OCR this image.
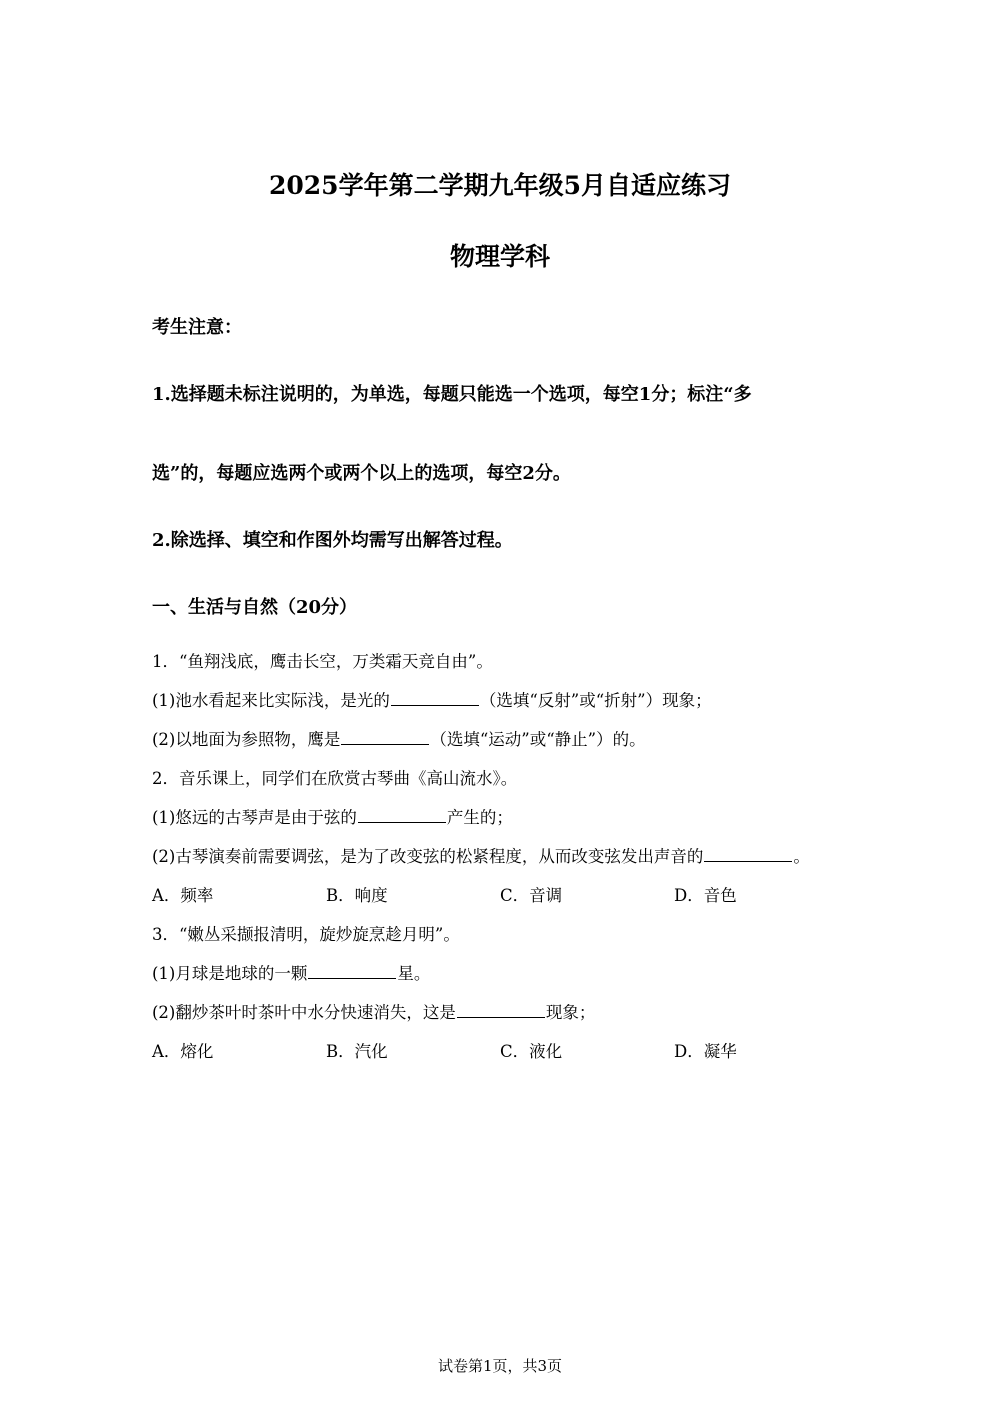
2025学年第二学期九年级5月自适应练习
物理学科
考生注意：
1.选择题未标注说明的，为单选，每题只能选一个选项，每空1分；标注“多
选”的，每题应选两个或两个以上的选项，每空2分。
2.除选择、填空和作图外均需写出解答过程。
一、生活与自然（20分）
1．“鱼翔浅底，鹰击长空，万类霜天竞自由”。
(1)池水看起来比实际浅，是光的	（选填“反射”或“折射”）现象；
(2)以地面为参照物，鹰是	（选填“运动”或“静止”）的。
2．音乐课上，同学们在欣赏古琴曲《高山流水》。
(1)悠远的古琴声是由于弦的	产生的；
(2)古琴演奏前需要调弦，是为了改变弦的松紧程度，从而改变弦发出声音的	。
A．频率	B．响度	C．音调	D．音色
3．“嫩丛采撷报清明，旋炒旋烹趁月明”。
(1)月球是地球的一颗	星。
(2)翻炒茶叶时茶叶中水分快速消失，这是	现象；
A．熔化	B．汽化	C．液化	D．凝华
试卷第1页，共3页
